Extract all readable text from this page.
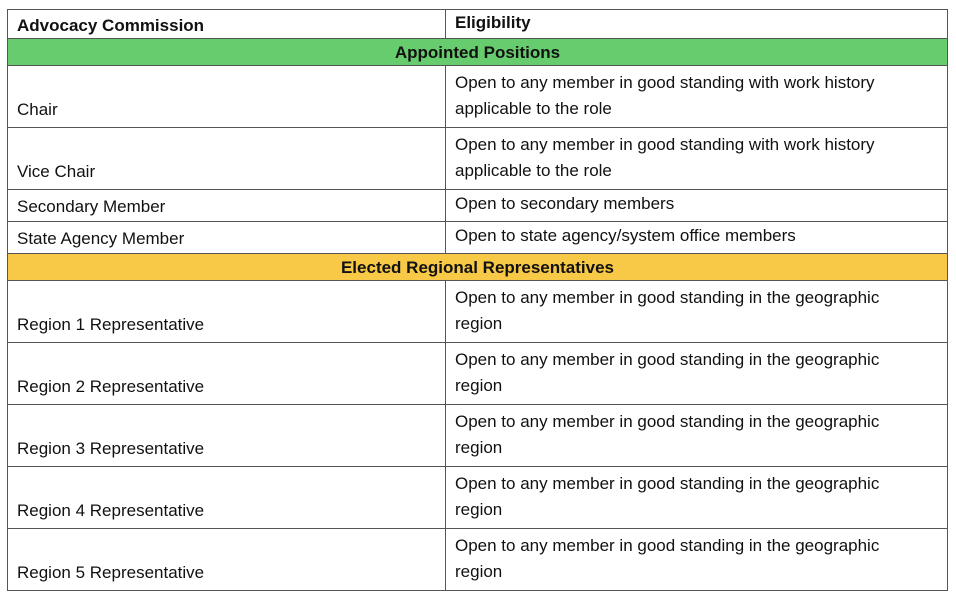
Advocacy Commission	Eligibility
Appointed Positions	
Chair	Open to any member in good standing with work history applicable to the role

Vice Chair	Open to any member in good standing with work history applicable to the role

Secondary Member	Open to secondary members

State Agency Member	Open to state agency/system office members

Elected Regional Representatives	
Region 1 Representative	Open to any member in good standing in the geographic region

Region 2 Representative	Open to any member in good standing in the geographic region

Region 3 Representative	Open to any member in good standing in the geographic region

Region 4 Representative	Open to any member in good standing in the geographic region

Region 5 Representative	Open to any member in good standing in the geographic region
